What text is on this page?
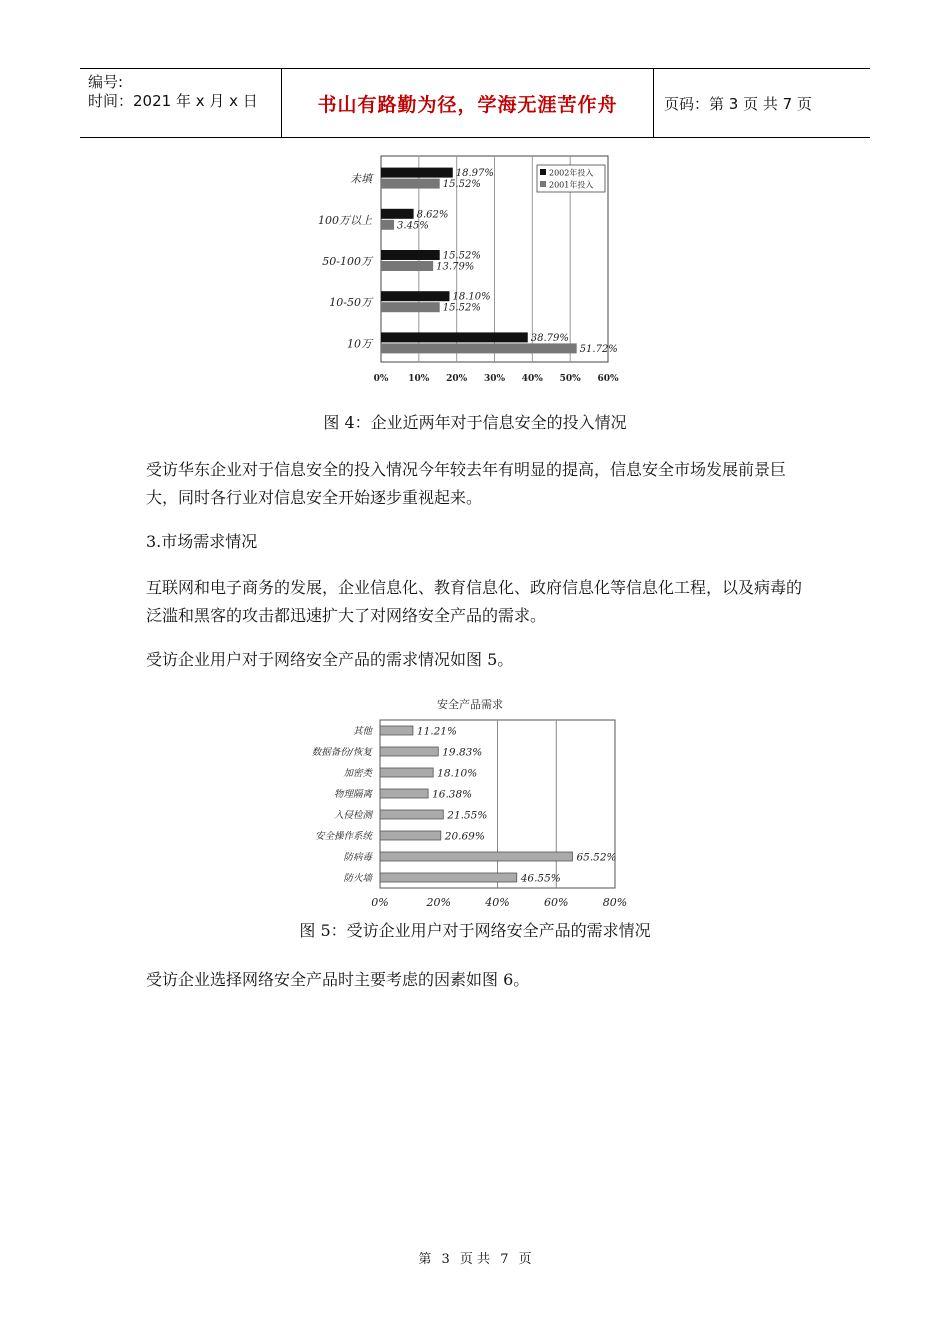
编号:
时间：2021 年 x 月 x 日	书山有路勤为径，学海无涯苦作舟	页码：第 3 页 共 7 页
0% 10% 20% 30% 40% 50% 60%
未填	18.97%
15.52%
100万以上	8.62%
3.45%
50-100万	15.52%
13.79%
10-50万	18.10%
15.52%
10万	38.79%
51.72%
2002年投入
2001年投入
图 4：企业近两年对于信息安全的投入情况
受访华东企业对于信息安全的投入情况今年较去年有明显的提高，信息安全市场发展前景巨大，同时各行业对信息安全开始逐步重视起来。
3.市场需求情况
互联网和电子商务的发展，企业信息化、教育信息化、政府信息化等信息化工程，以及病毒的泛滥和黑客的攻击都迅速扩大了对网络安全产品的需求。
受访企业用户对于网络安全产品的需求情况如图 5。
安全产品需求
0%	20%	40%	60%	80%
其他	11.21%
数据备份/恢复	19.83%
加密类	18.10%
物理隔离	16.38%
入侵检测	21.55%
安全操作系统	20.69%
防病毒	65.52%
防火墙	46.55%
图 5：受访企业用户对于网络安全产品的需求情况
受访企业选择网络安全产品时主要考虑的因素如图 6。
第 3 页 共 7 页
